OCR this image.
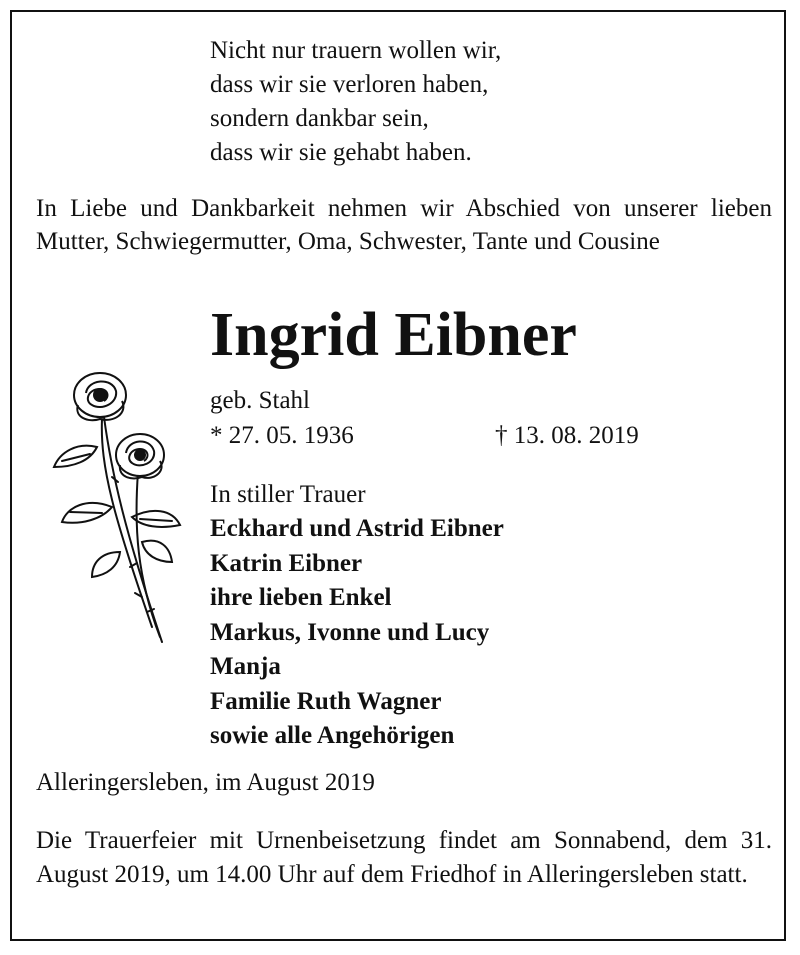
Nicht nur trauern wollen wir,
dass wir sie verloren haben,
sondern dankbar sein,
dass wir sie gehabt haben.
In Liebe und Dankbarkeit nehmen wir Abschied von unserer lieben Mutter, Schwiegermutter, Oma, Schwester, Tante und Cousine
Ingrid Eibner
geb. Stahl
* 27. 05. 1936	† 13. 08. 2019
In stiller Trauer
Eckhard und Astrid Eibner
Katrin Eibner
ihre lieben Enkel
Markus, Ivonne und Lucy
Manja
Familie Ruth Wagner
sowie alle Angehörigen
Alleringersleben, im August 2019
Die Trauerfeier mit Urnenbeisetzung findet am Sonnabend, dem 31. August 2019, um 14.00 Uhr auf dem Friedhof in Alleringersleben statt.
